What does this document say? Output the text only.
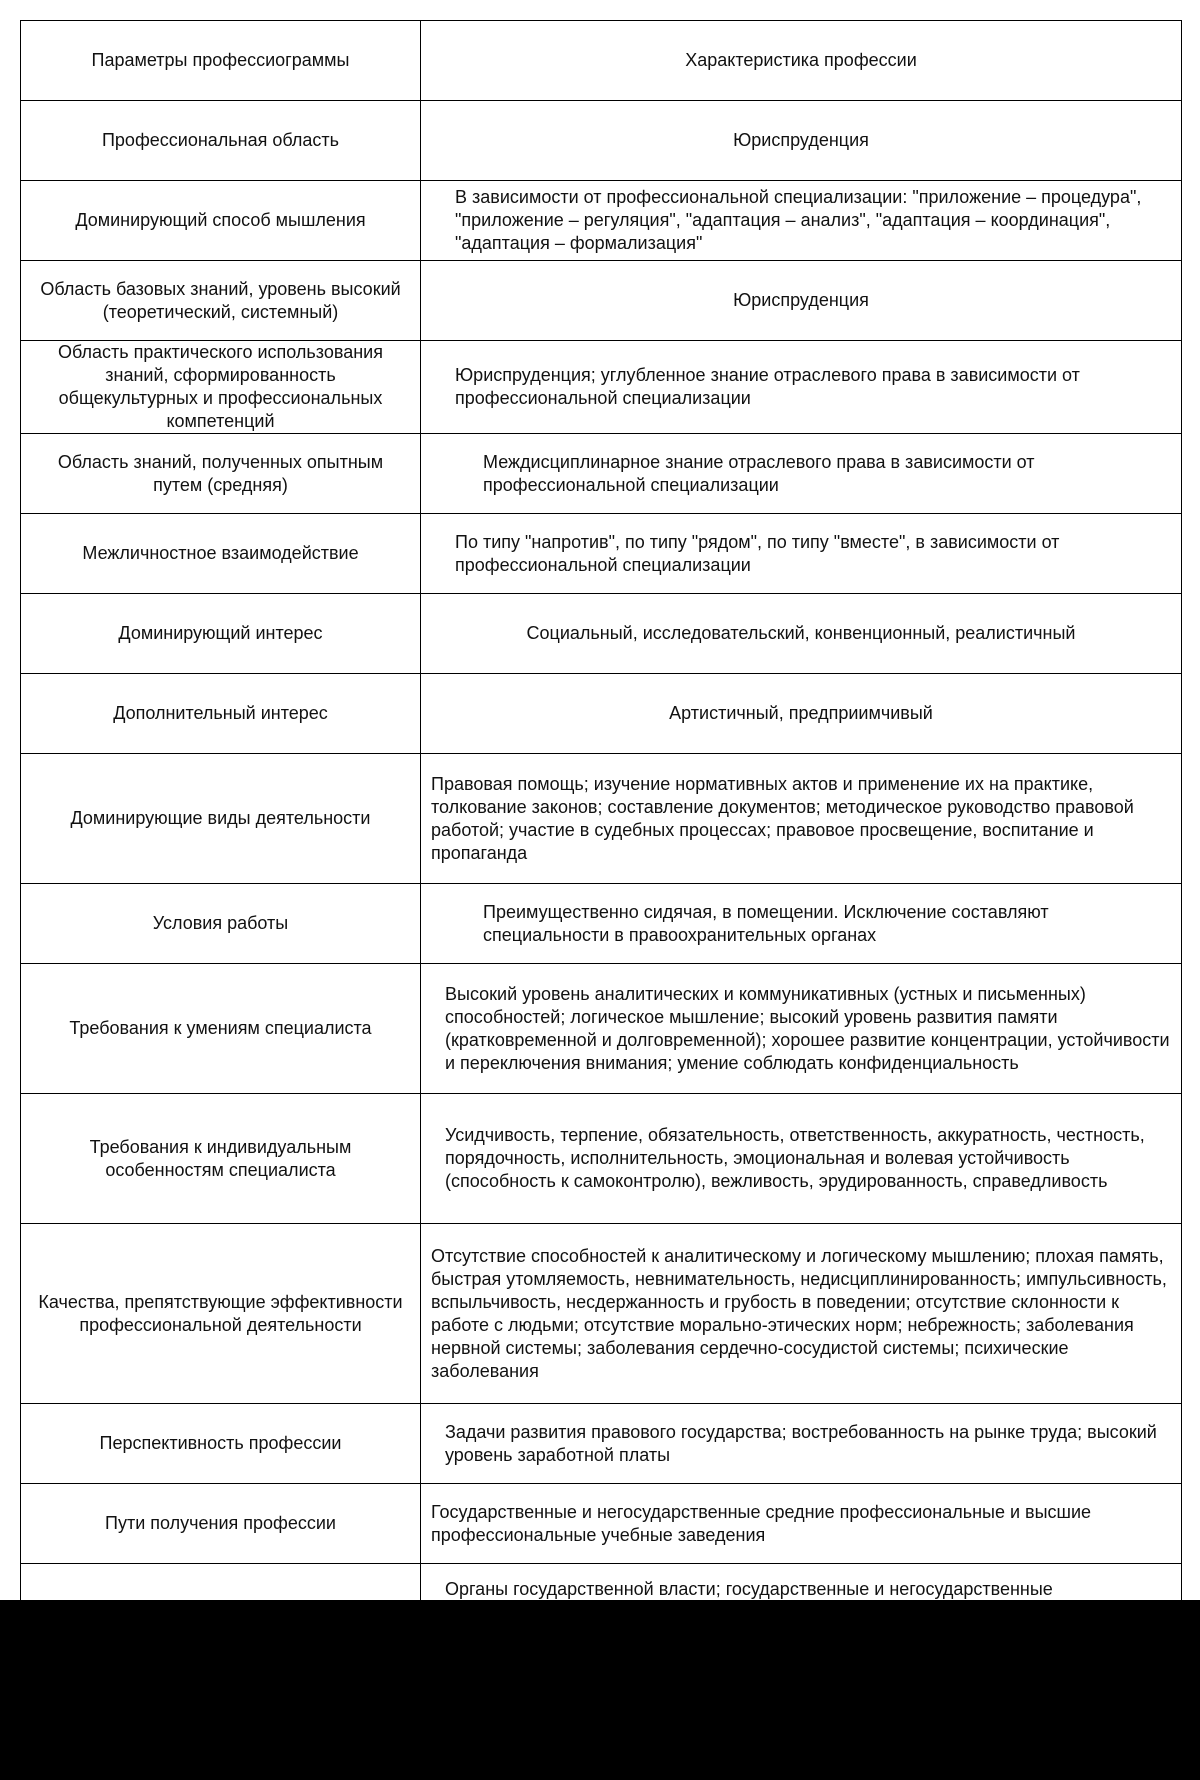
Параметры профессиограммы	Характеристика профессии
Профессиональная область	Юриспруденция
Доминирующий способ мышления	В зависимости от профессиональной специализации: "приложение – процедура", "приложение – регуляция", "адаптация – анализ", "адаптация – координация", "адаптация – формализация"

Область базовых знаний, уровень высокий (теоретический, системный)	Юриспруденция
Область практического использования знаний, сформированность общекультурных и профессиональных компетенций	Юриспруденция; углубленное знание отраслевого права в зависимости от профессиональной специализации

Область знаний, полученных опытным путем (средняя)	Междисциплинарное знание отраслевого права в зависимости от профессиональной специализации

Межличностное взаимодействие	По типу "напротив", по типу "рядом", по типу "вместе", в зависимости от профессиональной специализации

Доминирующий интерес	Социальный, исследовательский, конвенционный, реалистичный
Дополнительный интерес	Артистичный, предприимчивый
Доминирующие виды деятельности	Правовая помощь; изучение нормативных актов и применение их на практике, толкование законов; составление документов; методическое руководство правовой работой; участие в судебных процессах; правовое просвещение, воспитание и пропаганда

Условия работы	Преимущественно сидячая, в помещении. Исключение составляют специальности в правоохранительных органах

Требования к умениям специалиста	Высокий уровень аналитических и коммуникативных (устных и письменных) способностей; логическое мышление; высокий уровень развития памяти (кратковременной и долговременной); хорошее развитие концентрации, устойчивости и переключения внимания; умение соблюдать конфиденциальность

Требования к индивидуальным особенностям специалиста	Усидчивость, терпение, обязательность, ответственность, аккуратность, честность, порядочность, исполнительность, эмоциональная и волевая устойчивость (способность к самоконтролю), вежливость, эрудированность, справедливость

Качества, препятствующие эффективности профессиональной деятельности	Отсутствие способностей к аналитическому и логическому мышлению; плохая память, быстрая утомляемость, невнимательность, недисциплинированность; импульсивность, вспыльчивость, несдержанность и грубость в поведении; отсутствие склонности к работе с людьми; отсутствие морально-этических норм; небрежность; заболевания нервной системы; заболевания сердечно-сосудистой системы; психические заболевания

Перспективность профессии	Задачи развития правового государства; востребованность на рынке труда; высокий уровень заработной платы

Пути получения профессии	Государственные и негосударственные средние профессиональные и высшие профессиональные учебные заведения

Органы государственной власти; государственные и негосударственные
